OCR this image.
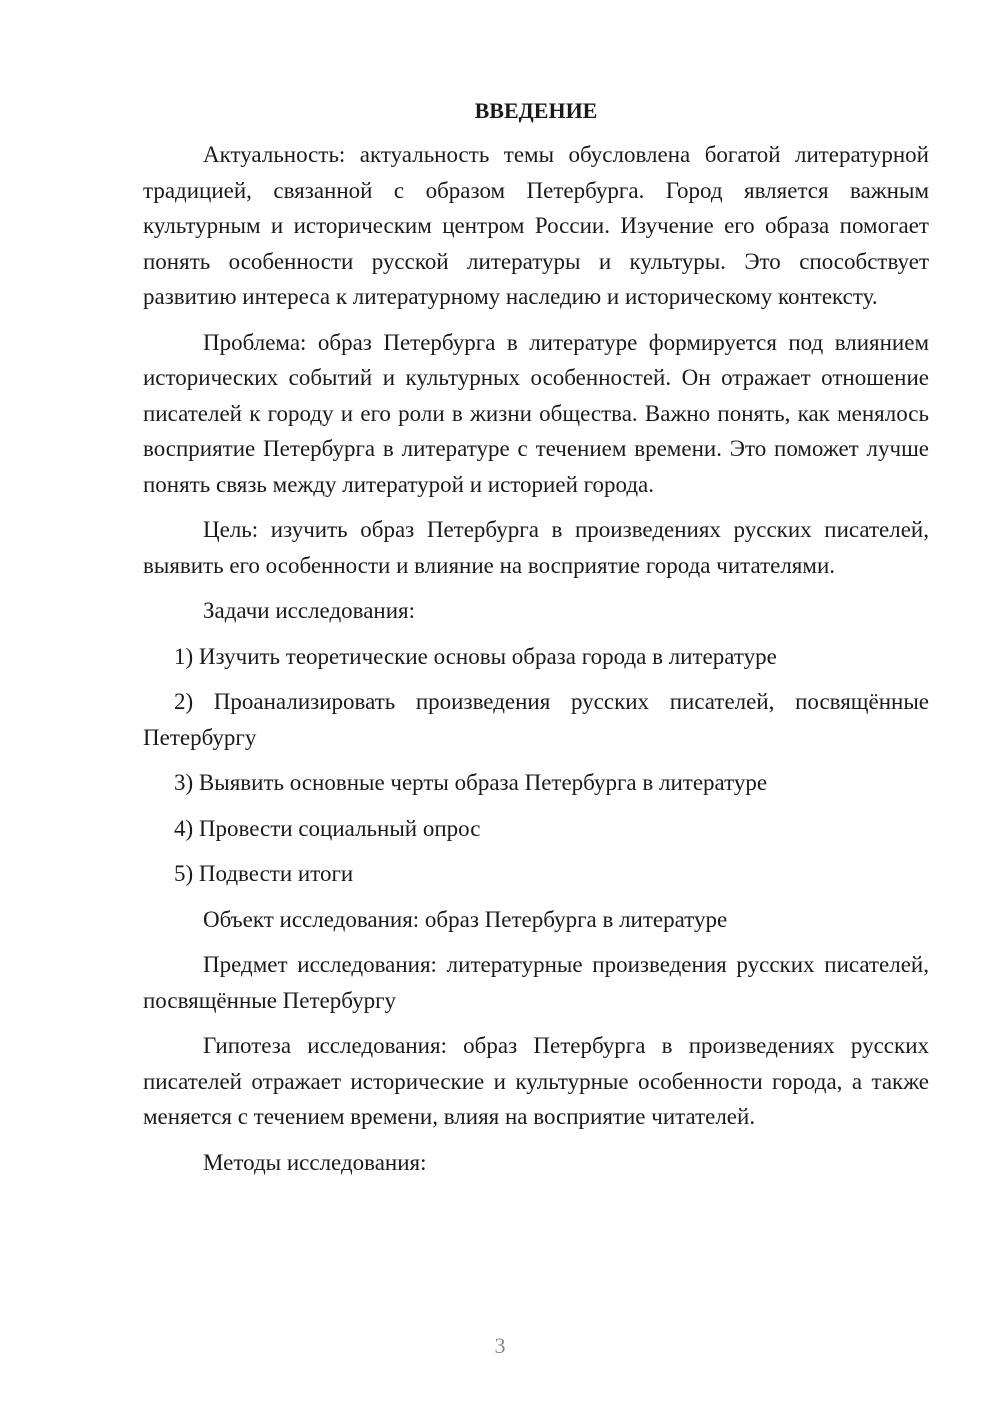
ВВЕДЕНИЕ

Актуальность: актуальность темы обусловлена богатой литературной традицией, связанной с образом Петербурга. Город является важным культурным и историческим центром России. Изучение его образа помогает понять особенности русской литературы и культуры. Это способствует развитию интереса к литературному наследию и историческому контексту.

Проблема: образ Петербурга в литературе формируется под влиянием исторических событий и культурных особенностей. Он отражает отношение писателей к городу и его роли в жизни общества. Важно понять, как менялось восприятие Петербурга в литературе с течением времени. Это поможет лучше понять связь между литературой и историей города.

Цель: изучить образ Петербурга в произведениях русских писателей, выявить его особенности и влияние на восприятие города читателями.

Задачи исследования:

1) Изучить теоретические основы образа города в литературе

2) Проанализировать произведения русских писателей, посвящённые Петербургу

3) Выявить основные черты образа Петербурга в литературе

4) Провести социальный опрос

5) Подвести итоги

Объект исследования: образ Петербурга в литературе

Предмет исследования: литературные произведения русских писателей, посвящённые Петербургу

Гипотеза исследования: образ Петербурга в произведениях русских писателей отражает исторические и культурные особенности города, а также меняется с течением времени, влияя на восприятие читателей.

Методы исследования:

3
